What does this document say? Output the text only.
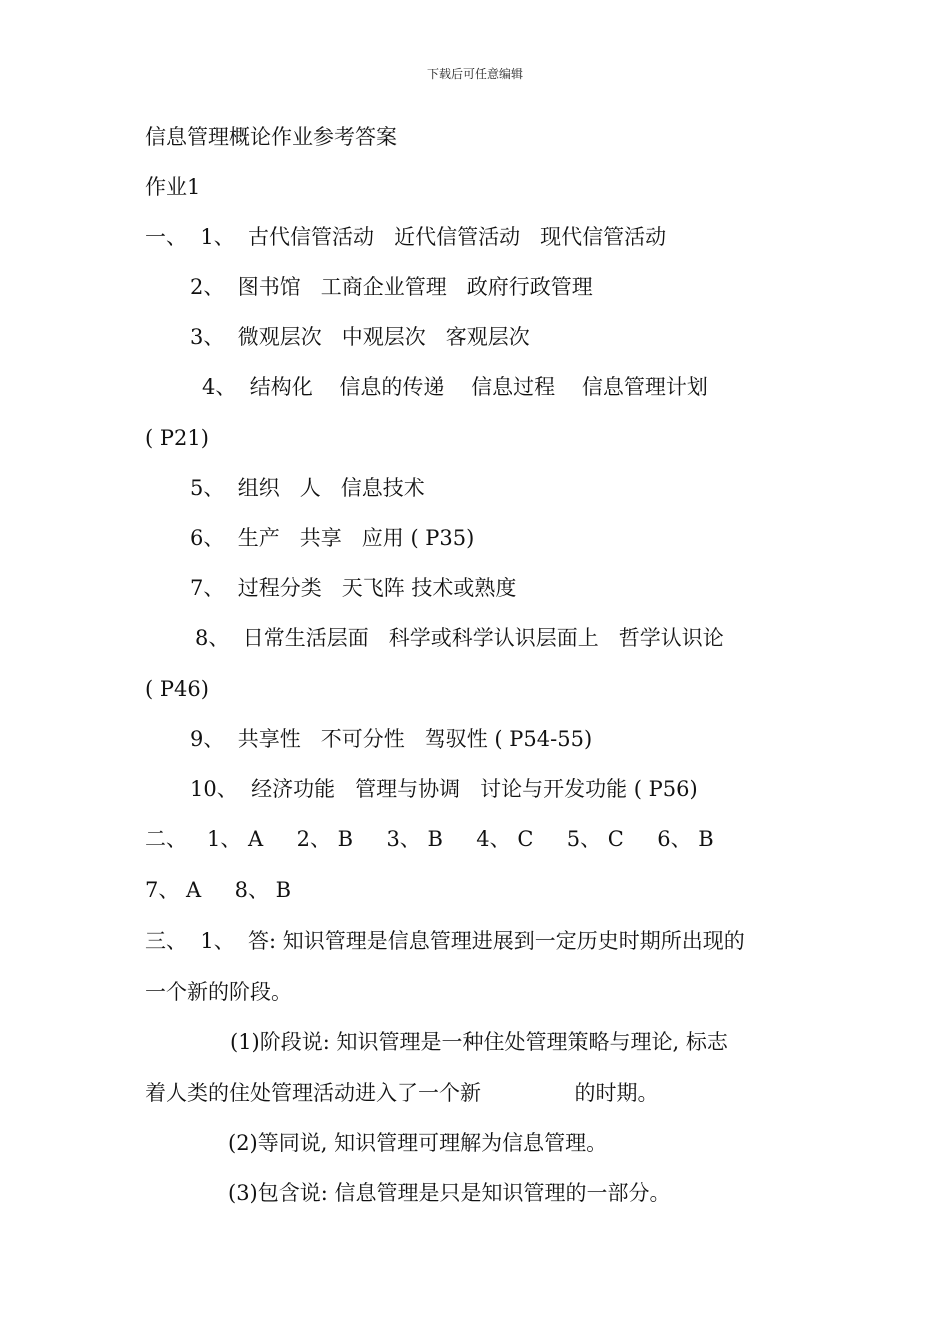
下载后可任意编辑
信息管理概论作业参考答案
作业1
一、  1、  古代信管活动   近代信管活动   现代信管活动
2、  图书馆   工商企业管理   政府行政管理
3、  微观层次   中观层次   客观层次
4、  结构化    信息的传递    信息过程    信息管理计划
( P21)
5、  组织   人   信息技术
6、  生产   共享   应用 ( P35)
7、  过程分类   天飞阵 技术或熟度
8、  日常生活层面   科学或科学认识层面上   哲学认识论
( P46)
9、  共享性   不可分性   驾驭性 ( P54-55)
10、  经济功能   管理与协调   讨论与开发功能 ( P56)
二、   1、 A     2、 B     3、 B     4、 C     5、 C     6、 B
7、 A     8、 B
三、  1、  答: 知识管理是信息管理进展到一定历史时期所出现的
一个新的阶段。
(1)阶段说: 知识管理是一种住处管理策略与理论, 标志
着人类的住处管理活动进入了一个新              的时期。
(2)等同说, 知识管理可理解为信息管理。
(3)包含说: 信息管理是只是知识管理的一部分。
